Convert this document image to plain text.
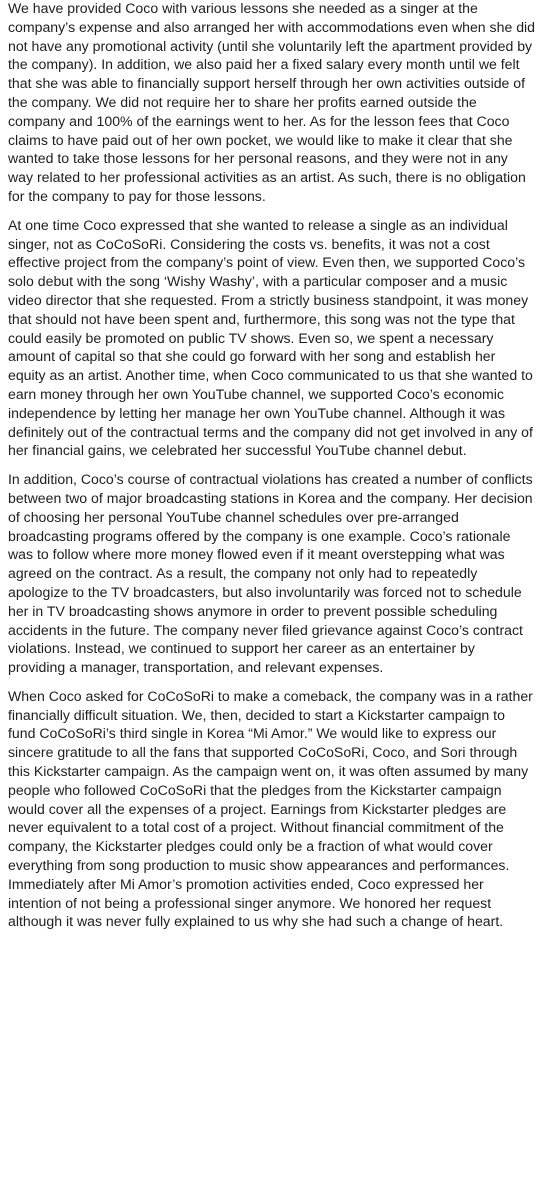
We have provided Coco with various lessons she needed as a singer at the company’s expense and also arranged her with accommodations even when she did not have any promotional activity (until she voluntarily left the apartment provided by the company). In addition, we also paid her a fixed salary every month until we felt that she was able to financially support herself through her own activities outside of the company. We did not require her to share her profits earned outside the company and 100% of the earnings went to her. As for the lesson fees that Coco claims to have paid out of her own pocket, we would like to make it clear that she wanted to take those lessons for her personal reasons, and they were not in any way related to her professional activities as an artist. As such, there is no obligation for the company to pay for those lessons.

At one time Coco expressed that she wanted to release a single as an individual singer, not as CoCoSoRi. Considering the costs vs. benefits, it was not a cost effective project from the company’s point of view. Even then, we supported Coco’s solo debut with the song ‘Wishy Washy’, with a particular composer and a music video director that she requested. From a strictly business standpoint, it was money that should not have been spent and, furthermore, this song was not the type that could easily be promoted on public TV shows. Even so, we spent a necessary amount of capital so that she could go forward with her song and establish her equity as an artist. Another time, when Coco communicated to us that she wanted to earn money through her own YouTube channel, we supported Coco’s economic independence by letting her manage her own YouTube channel. Although it was definitely out of the contractual terms and the company did not get involved in any of her financial gains, we celebrated her successful YouTube channel debut.

In addition, Coco’s course of contractual violations has created a number of conflicts between two of major broadcasting stations in Korea and the company. Her decision of choosing her personal YouTube channel schedules over pre-arranged broadcasting programs offered by the company is one example. Coco’s rationale was to follow where more money flowed even if it meant overstepping what was agreed on the contract. As a result, the company not only had to repeatedly apologize to the TV broadcasters, but also involuntarily was forced not to schedule her in TV broadcasting shows anymore in order to prevent possible scheduling accidents in the future. The company never filed grievance against Coco’s contract violations. Instead, we continued to support her career as an entertainer by providing a manager, transportation, and relevant expenses.

When Coco asked for CoCoSoRi to make a comeback, the company was in a rather financially difficult situation. We, then, decided to start a Kickstarter campaign to fund CoCoSoRi’s third single in Korea “Mi Amor.” We would like to express our sincere gratitude to all the fans that supported CoCoSoRi, Coco, and Sori through this Kickstarter campaign. As the campaign went on, it was often assumed by many people who followed CoCoSoRi that the pledges from the Kickstarter campaign would cover all the expenses of a project. Earnings from Kickstarter pledges are never equivalent to a total cost of a project. Without financial commitment of the company, the Kickstarter pledges could only be a fraction of what would cover everything from song production to music show appearances and performances. Immediately after Mi Amor’s promotion activities ended, Coco expressed her intention of not being a professional singer anymore. We honored her request although it was never fully explained to us why she had such a change of heart.
